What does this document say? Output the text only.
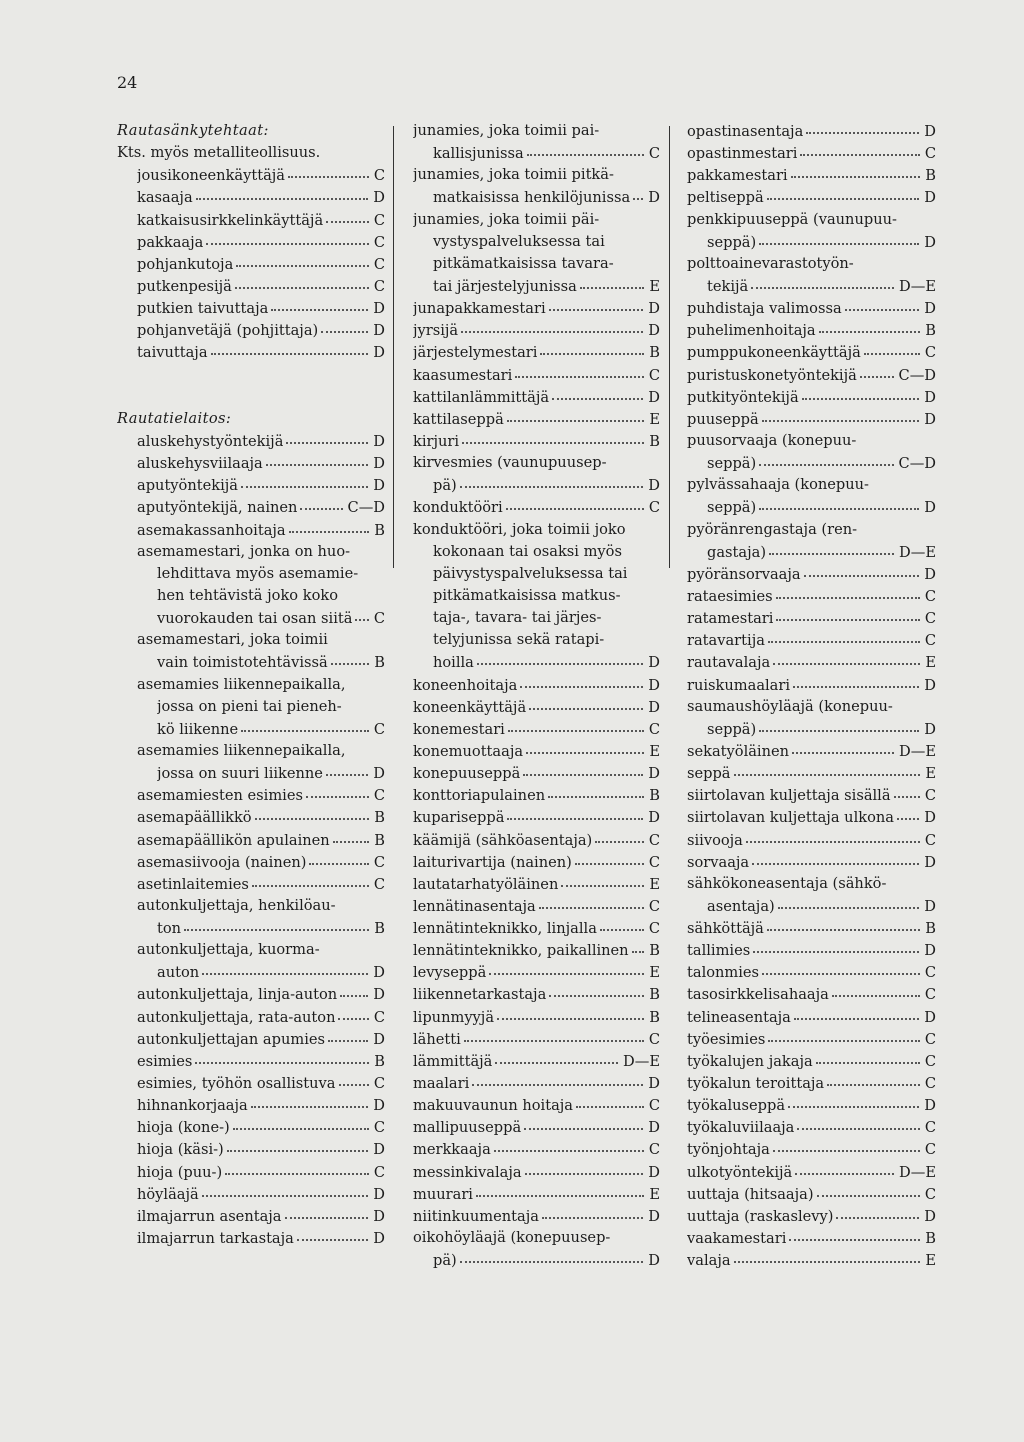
24
Rautasänkytehtaat:
Kts. myös metalliteollisuus.
jousikoneenkäyttäjä	C
kasaaja	D
katkaisusirkkelinkäyttäjä	C
pakkaaja	C
pohjankutoja	C
putkenpesijä	C
putkien taivuttaja	D
pohjanvetäjä (pohjittaja)	D
taivuttaja	D
Rautatielaitos:
aluskehystyöntekijä	D
aluskehysviilaaja	D
aputyöntekijä	D
aputyöntekijä, nainen	C—D
asemakassanhoitaja	B
asemamestari, jonka on huo-
lehdittava myös asemamie-
hen tehtävistä joko koko
vuorokauden tai osan siitä C
asemamestari, joka toimii
vain toimistotehtävissä	B
asemamies liikennepaikalla,
jossa on pieni tai pieneh-
kö liikenne	C
asemamies liikennepaikalla,
jossa on suuri liikenne	D
asemamiesten esimies	C
asemapäällikkö	B
asemapäällikön apulainen	B
asemasiivooja (nainen)	C
asetinlaitemies	C
autonkuljettaja, henkilöau-
ton	B
autonkuljettaja, kuorma-
auton	D
autonkuljettaja, linja-auton D
autonkuljettaja, rata-auton	C
autonkuljettajan apumies	D
esimies	B
esimies, työhön osallistuva	C
hihnankorjaaja	D
hioja (kone-)	C
hioja (käsi-)	D
hioja (puu-)	C
höyläajä	D
ilmajarrun asentaja	D
ilmajarrun tarkastaja	D
junamies, joka toimii pai-
kallisjunissa	C
junamies, joka toimii pitkä-
matkaisissa henkilöjunissa D
junamies, joka toimii päi-
vystyspalveluksessa tai
pitkämatkaisissa tavara-
tai järjestelyjunissa	E
junapakkamestari	D
jyrsijä	D
järjestelymestari	B
kaasumestari	C
kattilanlämmittäjä	D
kattilaseppä	E
kirjuri	B
kirvesmies (vaunupuusep-
pä)	D
konduktööri	C
konduktööri, joka toimii joko
kokonaan tai osaksi myös
päivystyspalveluksessa tai
pitkämatkaisissa matkus-
taja-, tavara- tai järjes-
telyjunissa sekä ratapi-
hoilla	D
koneenhoitaja	D
koneenkäyttäjä	D
konemestari	C
konemuottaaja	E
konepuuseppä	D
konttoriapulainen	B
kupariseppä	D
käämijä (sähköasentaja)	C
laiturivartija (nainen)	C
lautatarhatyöläinen	E
lennätinasentaja	C
lennätinteknikko, linjalla	C
lennätinteknikko, paikallinen B
levyseppä	E
liikennetarkastaja	B
lipunmyyjä	B
lähetti	C
lämmittäjä	D—E
maalari	D
makuuvaunun hoitaja	C
mallipuuseppä	D
merkkaaja	C
messinkivalaja	D
muurari	E
niitinkuumentaja	D
oikohöyläajä (konepuusep-
pä)	D
opastinasentaja	D
opastinmestari	C
pakkamestari	B
peltiseppä	D
penkkipuuseppä (vaunupuu-
seppä)	D
polttoainevarastotyön-
tekijä	D—E
puhdistaja valimossa	D
puhelimenhoitaja	B
pumppukoneenkäyttäjä	C
puristuskonetyöntekijä	C—D
putkityöntekijä	D
puuseppä	D
puusorvaaja (konepuu-
seppä)	C—D
pylvässahaaja (konepuu-
seppä)	D
pyöränrengastaja (ren-
gastaja)	D—E
pyöränsorvaaja	D
rataesimies	C
ratamestari	C
ratavartija	C
rautavalaja	E
ruiskumaalari	D
saumaushöyläajä (konepuu-
seppä)	D
sekatyöläinen	D—E
seppä	E
siirtolavan kuljettaja sisällä C
siirtolavan kuljettaja ulkona D
siivooja	C
sorvaaja	D
sähkökoneasentaja (sähkö-
asentaja)	D
sähköttäjä	B
tallimies	D
talonmies	C
tasosirkkelisahaaja	C
telineasentaja	D
työesimies	C
työkalujen jakaja	C
työkalun teroittaja	C
työkaluseppä	D
työkaluviilaaja	C
työnjohtaja	C
ulkotyöntekijä	D—E
uuttaja (hitsaaja)	C
uuttaja (raskaslevy)	D
vaakamestari	B
valaja	E
